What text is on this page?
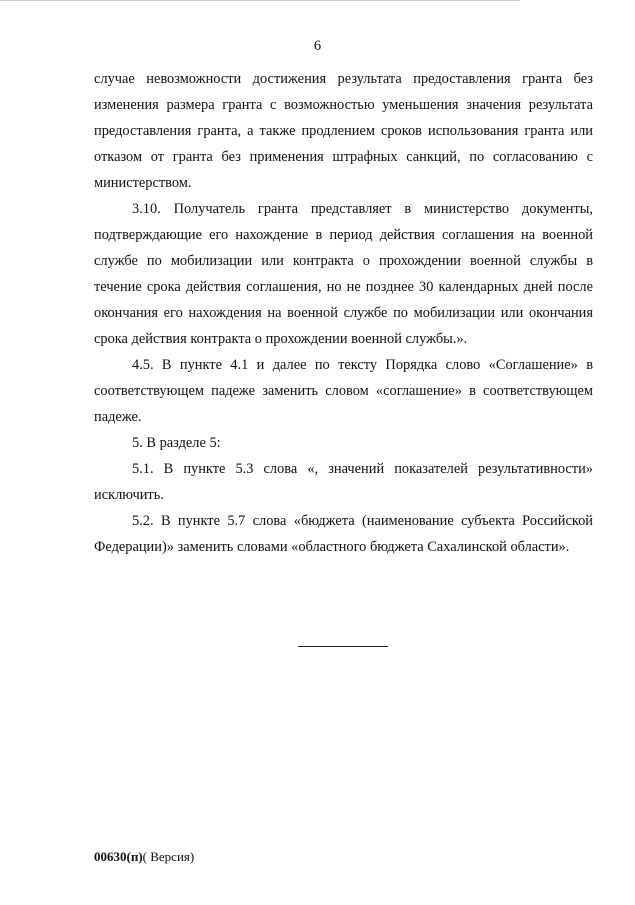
6

случае невозможности достижения результата предоставления гранта без изменения размера гранта с возможностью уменьшения значения результата предоставления гранта, а также продлением сроков использования гранта или отказом от гранта без применения штрафных санкций, по согласованию с министерством.

3.10. Получатель гранта представляет в министерство документы, подтверждающие его нахождение в период действия соглашения на военной службе по мобилизации или контракта о прохождении военной службы в течение срока действия соглашения, но не позднее 30 календарных дней после окончания его нахождения на военной службе по мобилизации или окончания срока действия контракта о прохождении военной службы.».

4.5. В пункте 4.1 и далее по тексту Порядка слово «Соглашение» в соответствующем падеже заменить словом «соглашение» в соответствующем падеже.

5. В разделе 5:

5.1. В пункте 5.3 слова «, значений показателей результативности» исключить.

5.2. В пункте 5.7 слова «бюджета (наименование субъекта Российской Федерации)» заменить словами «областного бюджета Сахалинской области».

00630(п)( Версия)
